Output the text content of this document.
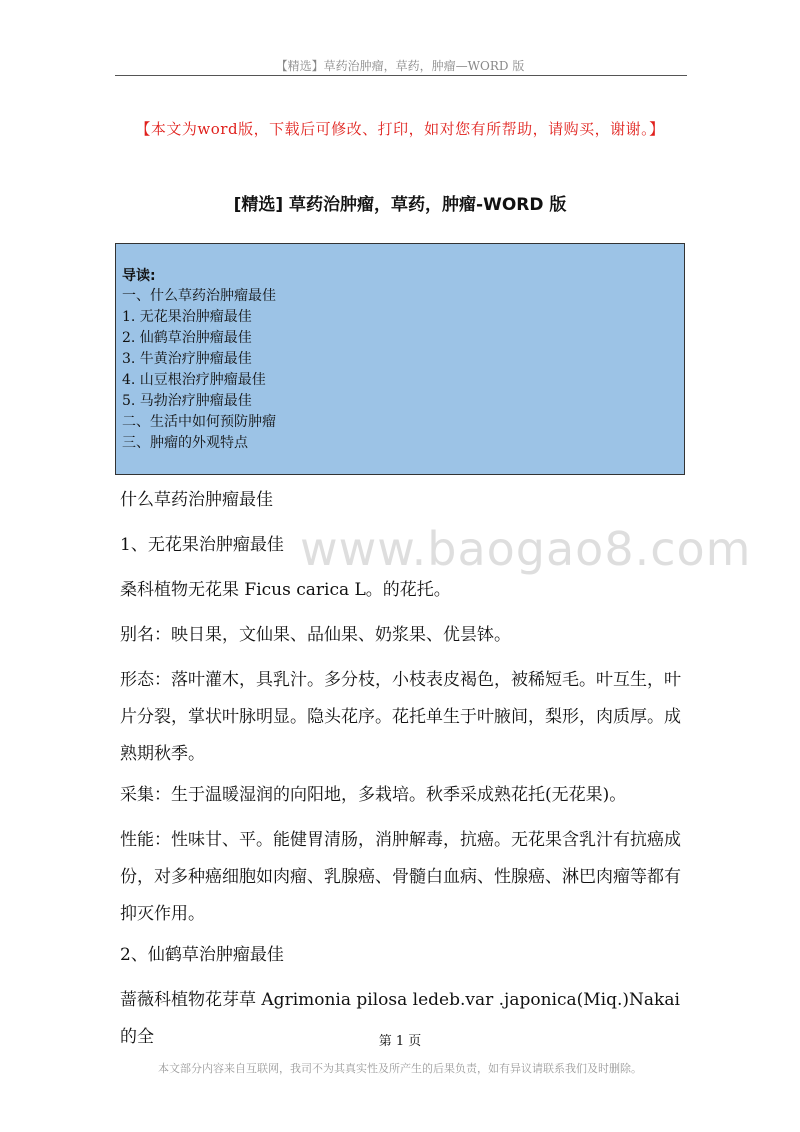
【精选】草药治肿瘤，草药，肿瘤—WORD 版
【本文为word版，下载后可修改、打印，如对您有所帮助，请购买，谢谢。】
[精选] 草药治肿瘤，草药，肿瘤-WORD 版
导读:
一、什么草药治肿瘤最佳
1. 无花果治肿瘤最佳
2. 仙鹤草治肿瘤最佳
3. 牛黄治疗肿瘤最佳
4. 山豆根治疗肿瘤最佳
5. 马勃治疗肿瘤最佳
二、生活中如何预防肿瘤
三、肿瘤的外观特点

什么草药治肿瘤最佳

1、无花果治肿瘤最佳

桑科植物无花果 Ficus carica L。的花托。

别名：映日果，文仙果、品仙果、奶浆果、优昙钵。

形态：落叶灌木，具乳汁。多分枝，小枝表皮褐色，被稀短毛。叶互生，叶片分裂，掌状叶脉明显。隐头花序。花托单生于叶腋间，梨形，肉质厚。成熟期秋季。

采集：生于温暖湿润的向阳地，多栽培。秋季采成熟花托(无花果)。

性能：性味甘、平。能健胃清肠，消肿解毒，抗癌。无花果含乳汁有抗癌成份，对多种癌细胞如肉瘤、乳腺癌、骨髓白血病、性腺癌、淋巴肉瘤等都有抑灭作用。

2、仙鹤草治肿瘤最佳

蔷薇科植物花芽草 Agrimonia pilosa ledeb.var .japonica(Miq.)Nakai 的全

www.baogao8.com
第 1 页
本文部分内容来自互联网，我司不为其真实性及所产生的后果负责，如有异议请联系我们及时删除。
